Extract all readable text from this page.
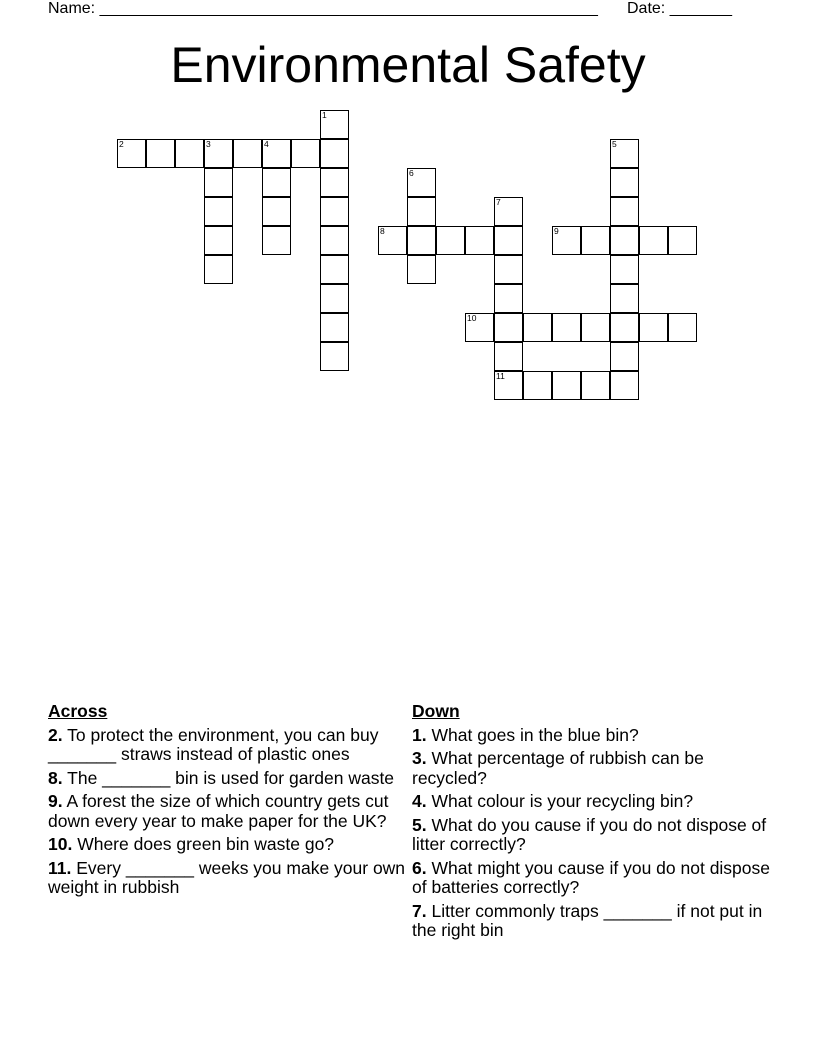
Name: ________________________________________________________ Date: _______
Environmental Safety
1
2	3	4	5
6
7
8	9
10
11
Across
2. To protect the environment, you can buy _______ straws instead of plastic ones
8. The _______ bin is used for garden waste
9. A forest the size of which country gets cut down every year to make paper for the UK?
10. Where does green bin waste go?
11. Every _______ weeks you make your own weight in rubbish
Down
1. What goes in the blue bin?
3. What percentage of rubbish can be recycled?
4. What colour is your recycling bin?
5. What do you cause if you do not dispose of litter correctly?
6. What might you cause if you do not dispose of batteries correctly?
7. Litter commonly traps _______ if not put in the right bin
